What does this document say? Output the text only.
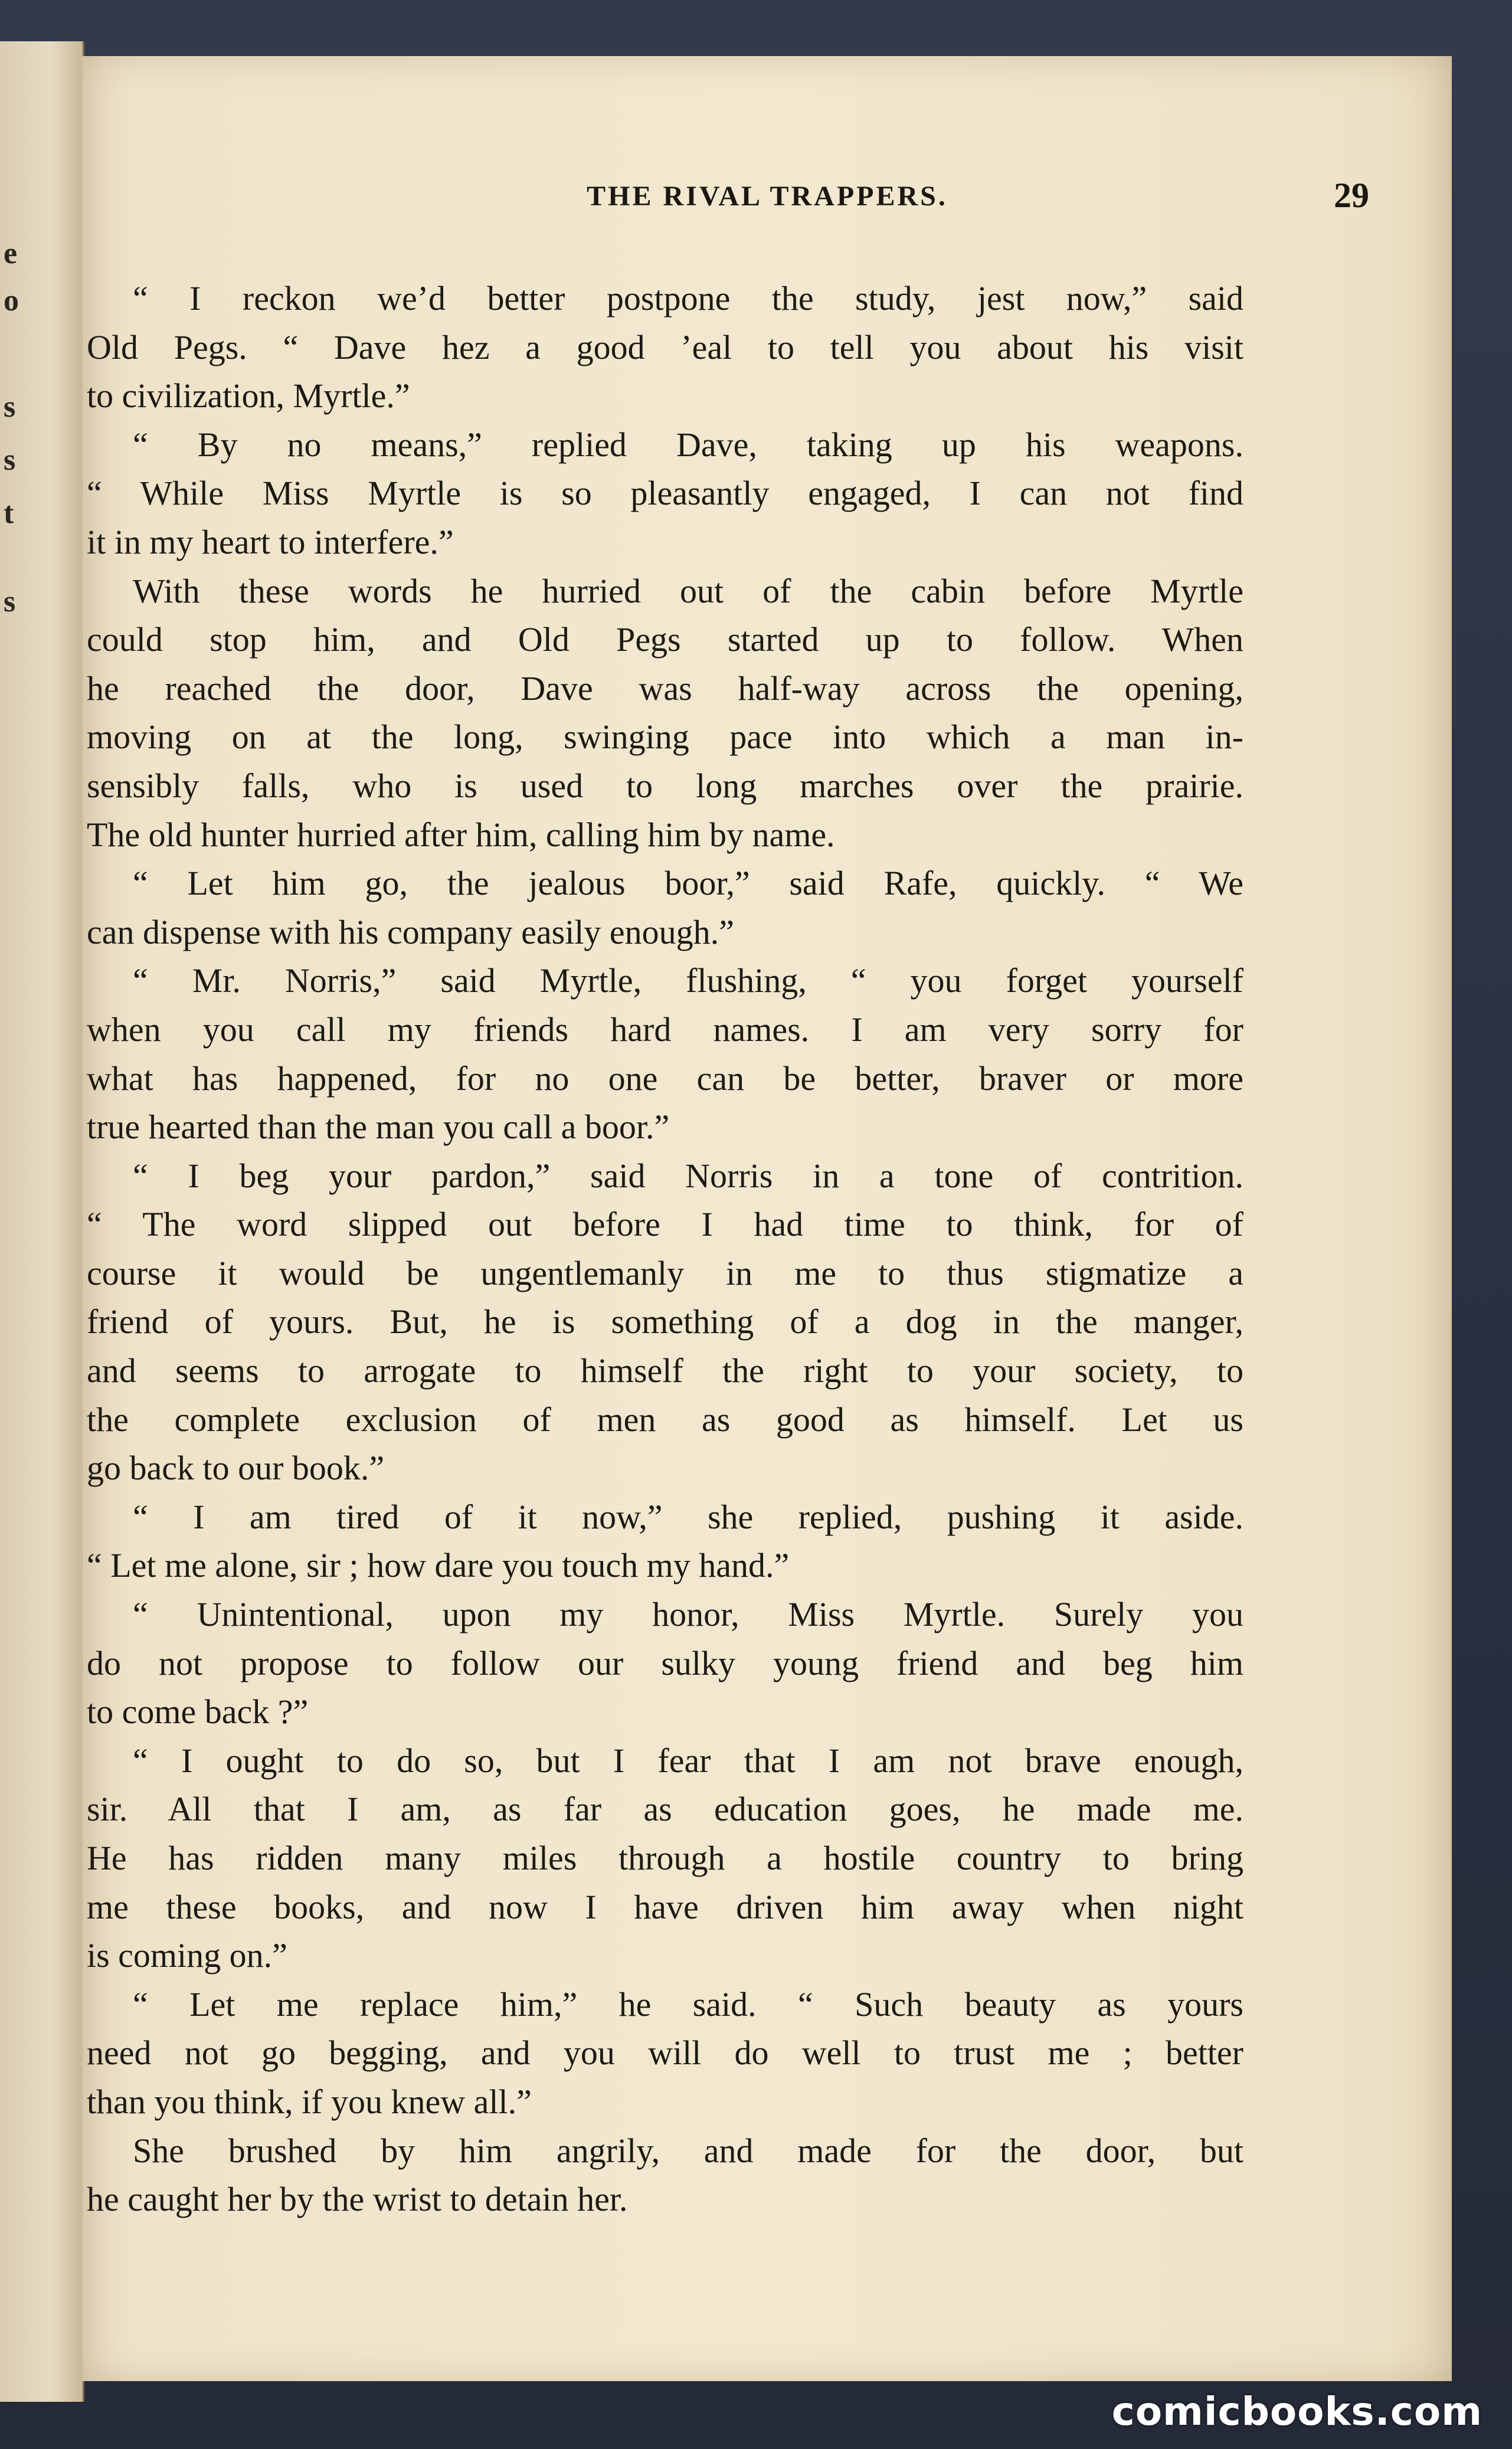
e
o
s
s
t
s
THE RIVAL TRAPPERS.	29
“ I reckon we’d better postpone the study, jest now,” said
Old Pegs. “ Dave hez a good ’eal to tell you about his visit
to civilization, Myrtle.”
“ By no means,” replied Dave, taking up his weapons.
“ While Miss Myrtle is so pleasantly engaged, I can not find
it in my heart to interfere.”
With these words he hurried out of the cabin before Myrtle
could stop him, and Old Pegs started up to follow. When
he reached the door, Dave was half-way across the opening,
moving on at the long, swinging pace into which a man in-
sensibly falls, who is used to long marches over the prairie.
The old hunter hurried after him, calling him by name.
“ Let him go, the jealous boor,” said Rafe, quickly. “ We
can dispense with his company easily enough.”
“ Mr. Norris,” said Myrtle, flushing, “ you forget yourself
when you call my friends hard names. I am very sorry for
what has happened, for no one can be better, braver or more
true hearted than the man you call a boor.”
“ I beg your pardon,” said Norris in a tone of contrition.
“ The word slipped out before I had time to think, for of
course it would be ungentlemanly in me to thus stigmatize a
friend of yours. But, he is something of a dog in the manger,
and seems to arrogate to himself the right to your society, to
the complete exclusion of men as good as himself. Let us
go back to our book.”
“ I am tired of it now,” she replied, pushing it aside.
“ Let me alone, sir ; how dare you touch my hand.”
“ Unintentional, upon my honor, Miss Myrtle. Surely you
do not propose to follow our sulky young friend and beg him
to come back ?”
“ I ought to do so, but I fear that I am not brave enough,
sir. All that I am, as far as education goes, he made me.
He has ridden many miles through a hostile country to bring
me these books, and now I have driven him away when night
is coming on.”
“ Let me replace him,” he said. “ Such beauty as yours
need not go begging, and you will do well to trust me ; better
than you think, if you knew all.”
She brushed by him angrily, and made for the door, but
he caught her by the wrist to detain her.
comicbooks.com
